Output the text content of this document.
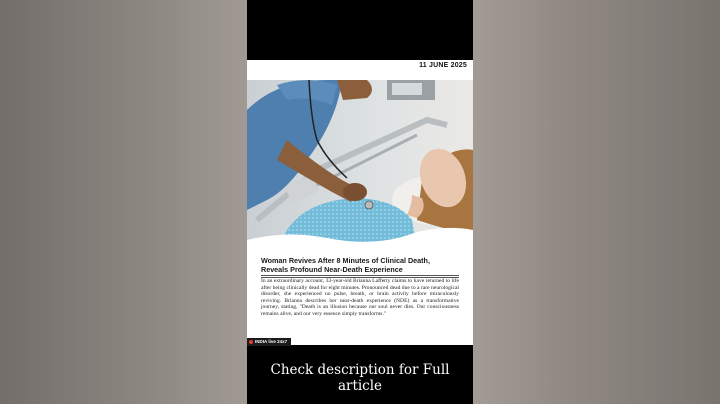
11 JUNE 2025
Woman Revives After 8 Minutes of Clinical Death,
Reveals Profound Near-Death Experience
In an extraordinary account, 33-year-old Brianna Lafferty claims to have returned to life after being clinically dead for eight minutes. Pronounced dead due to a rare neurological disorder, she experienced no pulse, breath, or brain activity before miraculously reviving. Brianna describes her near-death experience (NDE) as a transformative journey, stating, "Death is an illusion because our soul never dies. Our consciousness remains alive, and our very essence simply transforms."
INDIA live 24x7
Check description for Full article
